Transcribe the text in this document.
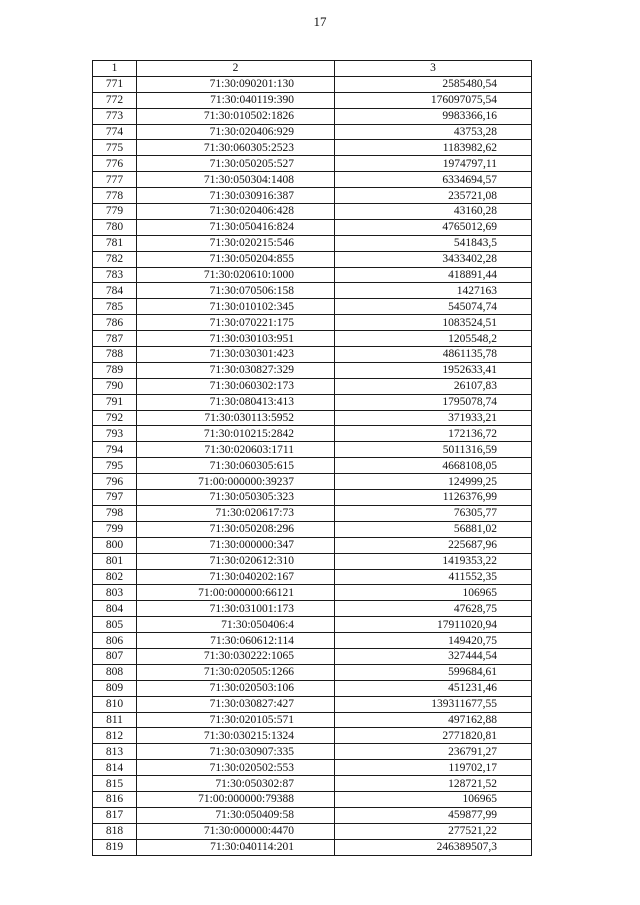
17
1	2	3
771	71:30:090201:130	2585480,54
772	71:30:040119:390	176097075,54
773	71:30:010502:1826	9983366,16
774	71:30:020406:929	43753,28
775	71:30:060305:2523	1183982,62
776	71:30:050205:527	1974797,11
777	71:30:050304:1408	6334694,57
778	71:30:030916:387	235721,08
779	71:30:020406:428	43160,28
780	71:30:050416:824	4765012,69
781	71:30:020215:546	541843,5
782	71:30:050204:855	3433402,28
783	71:30:020610:1000	418891,44
784	71:30:070506:158	1427163
785	71:30:010102:345	545074,74
786	71:30:070221:175	1083524,51
787	71:30:030103:951	1205548,2
788	71:30:030301:423	4861135,78
789	71:30:030827:329	1952633,41
790	71:30:060302:173	26107,83
791	71:30:080413:413	1795078,74
792	71:30:030113:5952	371933,21
793	71:30:010215:2842	172136,72
794	71:30:020603:1711	5011316,59
795	71:30:060305:615	4668108,05
796	71:00:000000:39237	124999,25
797	71:30:050305:323	1126376,99
798	71:30:020617:73	76305,77
799	71:30:050208:296	56881,02
800	71:30:000000:347	225687,96
801	71:30:020612:310	1419353,22
802	71:30:040202:167	411552,35
803	71:00:000000:66121	106965
804	71:30:031001:173	47628,75
805	71:30:050406:4	17911020,94
806	71:30:060612:114	149420,75
807	71:30:030222:1065	327444,54
808	71:30:020505:1266	599684,61
809	71:30:020503:106	451231,46
810	71:30:030827:427	139311677,55
811	71:30:020105:571	497162,88
812	71:30:030215:1324	2771820,81
813	71:30:030907:335	236791,27
814	71:30:020502:553	119702,17
815	71:30:050302:87	128721,52
816	71:00:000000:79388	106965
817	71:30:050409:58	459877,99
818	71:30:000000:4470	277521,22
819	71:30:040114:201	246389507,3
